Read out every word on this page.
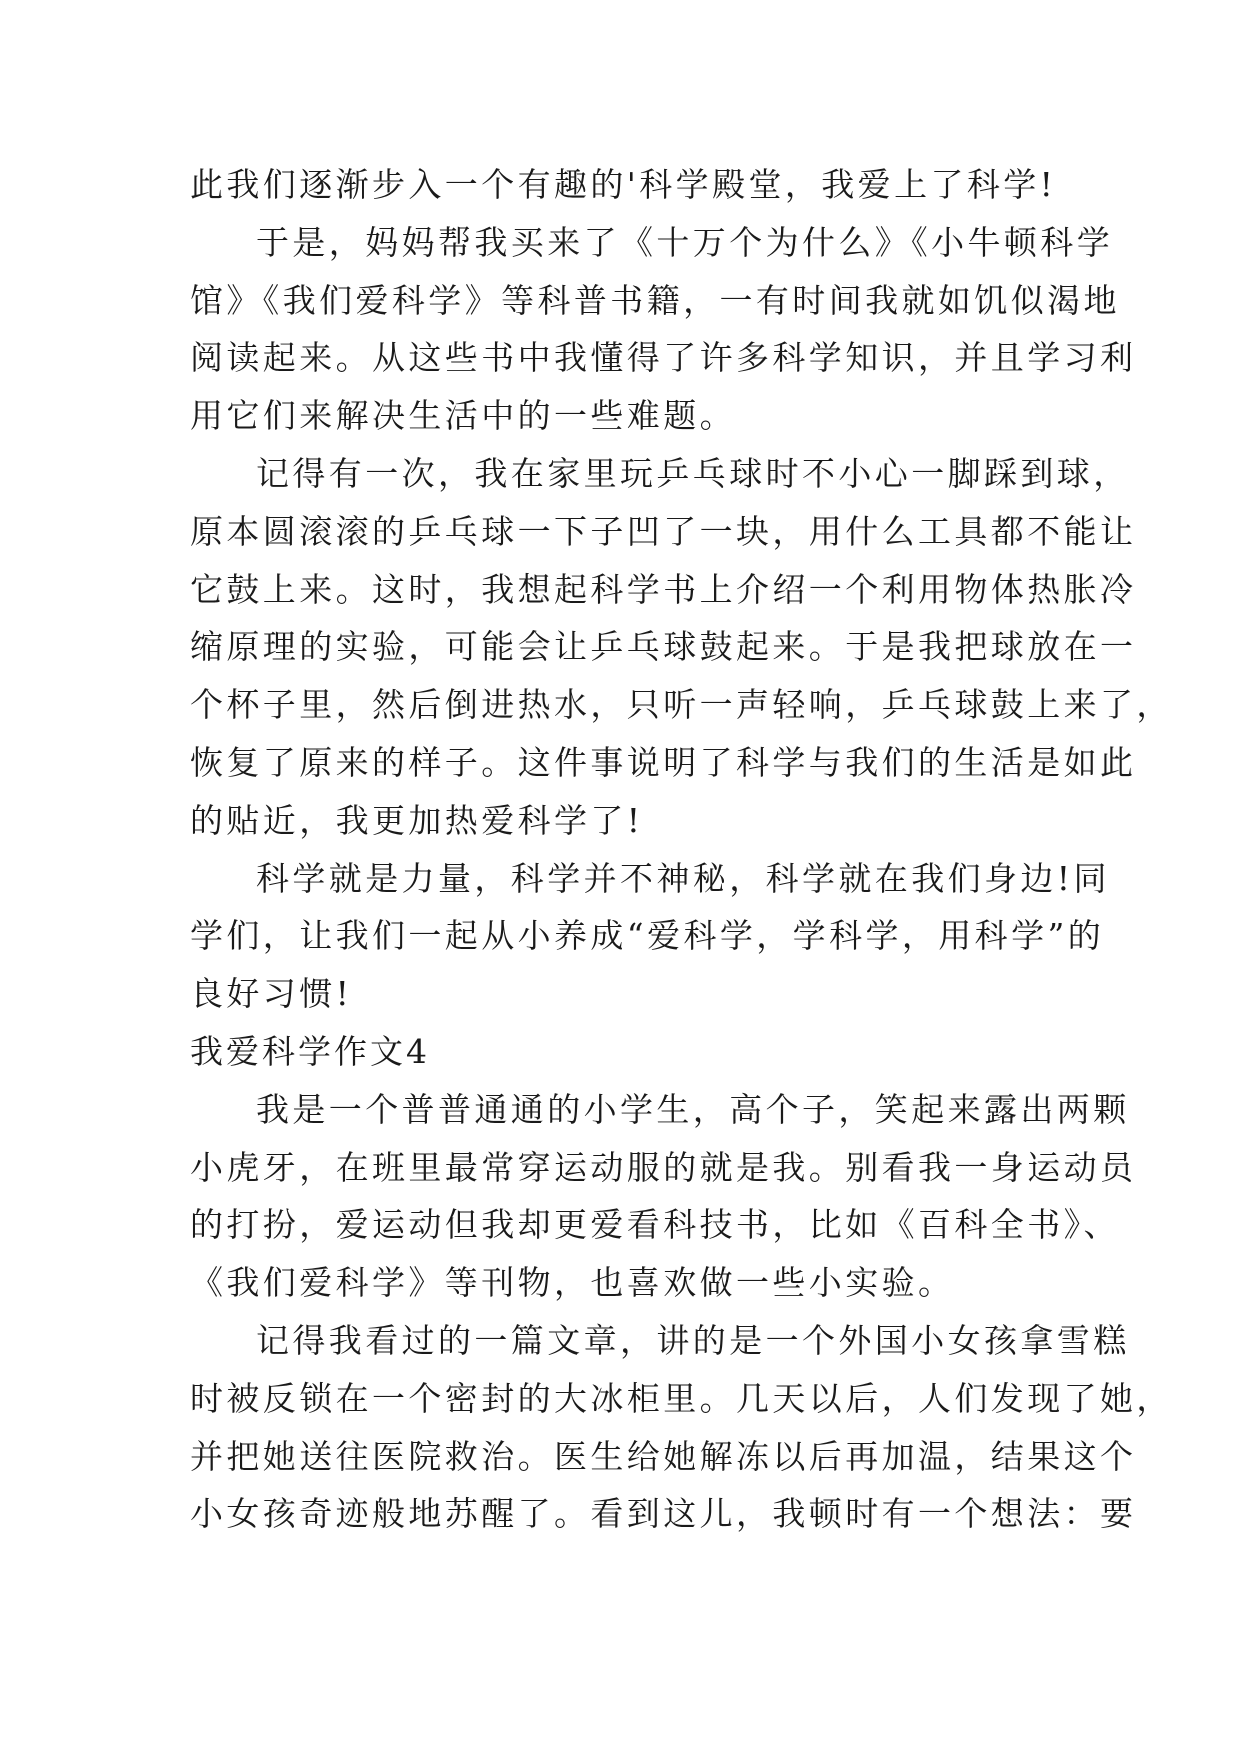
此我们逐渐步入一个有趣的'科学殿堂，我爱上了科学!
于是，妈妈帮我买来了《十万个为什么》《小牛顿科学
馆》《我们爱科学》等科普书籍，一有时间我就如饥似渴地
阅读起来。从这些书中我懂得了许多科学知识，并且学习利
用它们来解决生活中的一些难题。
记得有一次，我在家里玩乒乓球时不小心一脚踩到球，
原本圆滚滚的乒乓球一下子凹了一块，用什么工具都不能让
它鼓上来。这时，我想起科学书上介绍一个利用物体热胀冷
缩原理的实验，可能会让乒乓球鼓起来。于是我把球放在一
个杯子里，然后倒进热水，只听一声轻响，乒乓球鼓上来了，
恢复了原来的样子。这件事说明了科学与我们的生活是如此
的贴近，我更加热爱科学了!
科学就是力量，科学并不神秘，科学就在我们身边!同
学们，让我们一起从小养成“爱科学，学科学，用科学”的
良好习惯!
我爱科学作文4
我是一个普普通通的小学生，高个子，笑起来露出两颗
小虎牙，在班里最常穿运动服的就是我。别看我一身运动员
的打扮，爱运动但我却更爱看科技书，比如《百科全书》、
《我们爱科学》等刊物，也喜欢做一些小实验。
记得我看过的一篇文章，讲的是一个外国小女孩拿雪糕
时被反锁在一个密封的大冰柜里。几天以后，人们发现了她，
并把她送往医院救治。医生给她解冻以后再加温，结果这个
小女孩奇迹般地苏醒了。看到这儿，我顿时有一个想法：要
